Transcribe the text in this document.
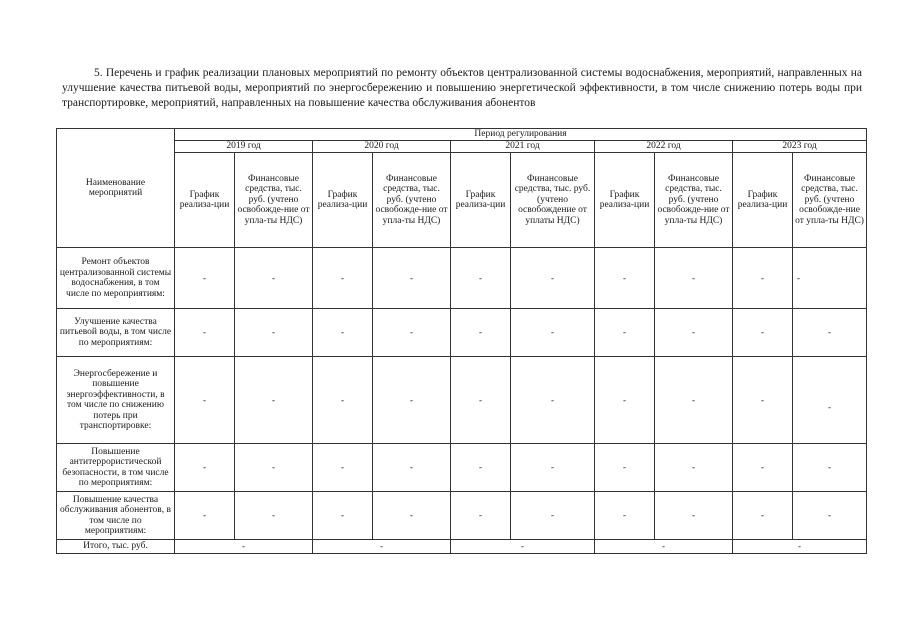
5. Перечень и график реализации плановых мероприятий по ремонту объектов централизованной системы водоснабжения, мероприятий, направленных на улучшение качества питьевой воды, мероприятий по энергосбережению и повышению энергетической эффективности, в том числе снижению потерь воды при транспортировке, мероприятий, направленных на повышение качества обслуживания абонентов
Наименование мероприятий	Период регулирования									
	2019 год		2020 год		2021 год		2022 год		2023 год	
	График реализа-ции	Финансовые средства, тыс. руб. (учтено освобожде-ние от упла-ты НДС)	График реализа-ции	Финансовые средства, тыс. руб. (учтено освобожде-ние от упла-ты НДС)	График реализа-ции	Финансовые средства, тыс. руб. (учтено освобождение от уплаты НДС)	График реализа-ции	Финансовые средства, тыс. руб. (учтено освобожде-ние от упла-ты НДС)	График реализа-ции	Финансовые средства, тыс. руб. (учтено освобожде-ние от упла-ты НДС)
Ремонт объектов централизованной системы водоснабжения, в том числе по мероприятиям:	-	-	-	-	-	-	-	-	-	-
Улучшение качества питьевой воды, в том числе по мероприятиям:	-	-	-	-	-	-	-	-	-	-
Энергосбережение и повышение энергоэффективности, в том числе по снижению потерь при транспортировке:	-	-	-	-	-	-	-	-	-	-
Повышение антитеррористической безопасности, в том числе по мероприятиям:	-	-	-	-	-	-	-	-	-	-
Повышение качества обслуживания абонентов, в том числе по мероприятиям:	-	-	-	-	-	-	-	-	-	-
Итого, тыс. руб.	-		-		-		-		-	
